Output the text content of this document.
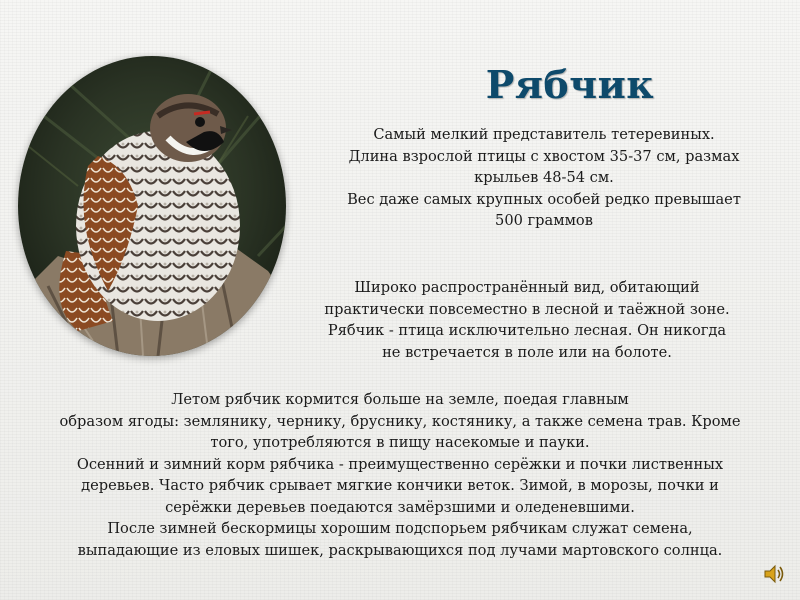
Рябчик

Самый мелкий представитель тетеревиных.
Длина взрослой птицы с хвостом 35-37 см, размах
крыльев 48-54 см.
Вес даже самых крупных особей редко превышает
500 граммов

Широко распространённый вид, обитающий
практически повсеместно в лесной и таёжной зоне.
Рябчик - птица исключительно лесная. Он никогда
не встречается в поле или на болоте.

Летом рябчик кормится больше на земле, поедая главным
образом ягоды: землянику, чернику, бруснику, костянику, а также семена трав. Кроме
того, употребляются в пищу насекомые и пауки.
Осенний и зимний корм рябчика - преимущественно серёжки и почки лиственных
деревьев. Часто рябчик срывает мягкие кончики веток. Зимой, в морозы, почки и
серёжки деревьев поедаются замёрзшими и оледеневшими.
После зимней бескормицы хорошим подспорьем рябчикам служат семена,
выпадающие из еловых шишек, раскрывающихся под лучами мартовского солнца.
